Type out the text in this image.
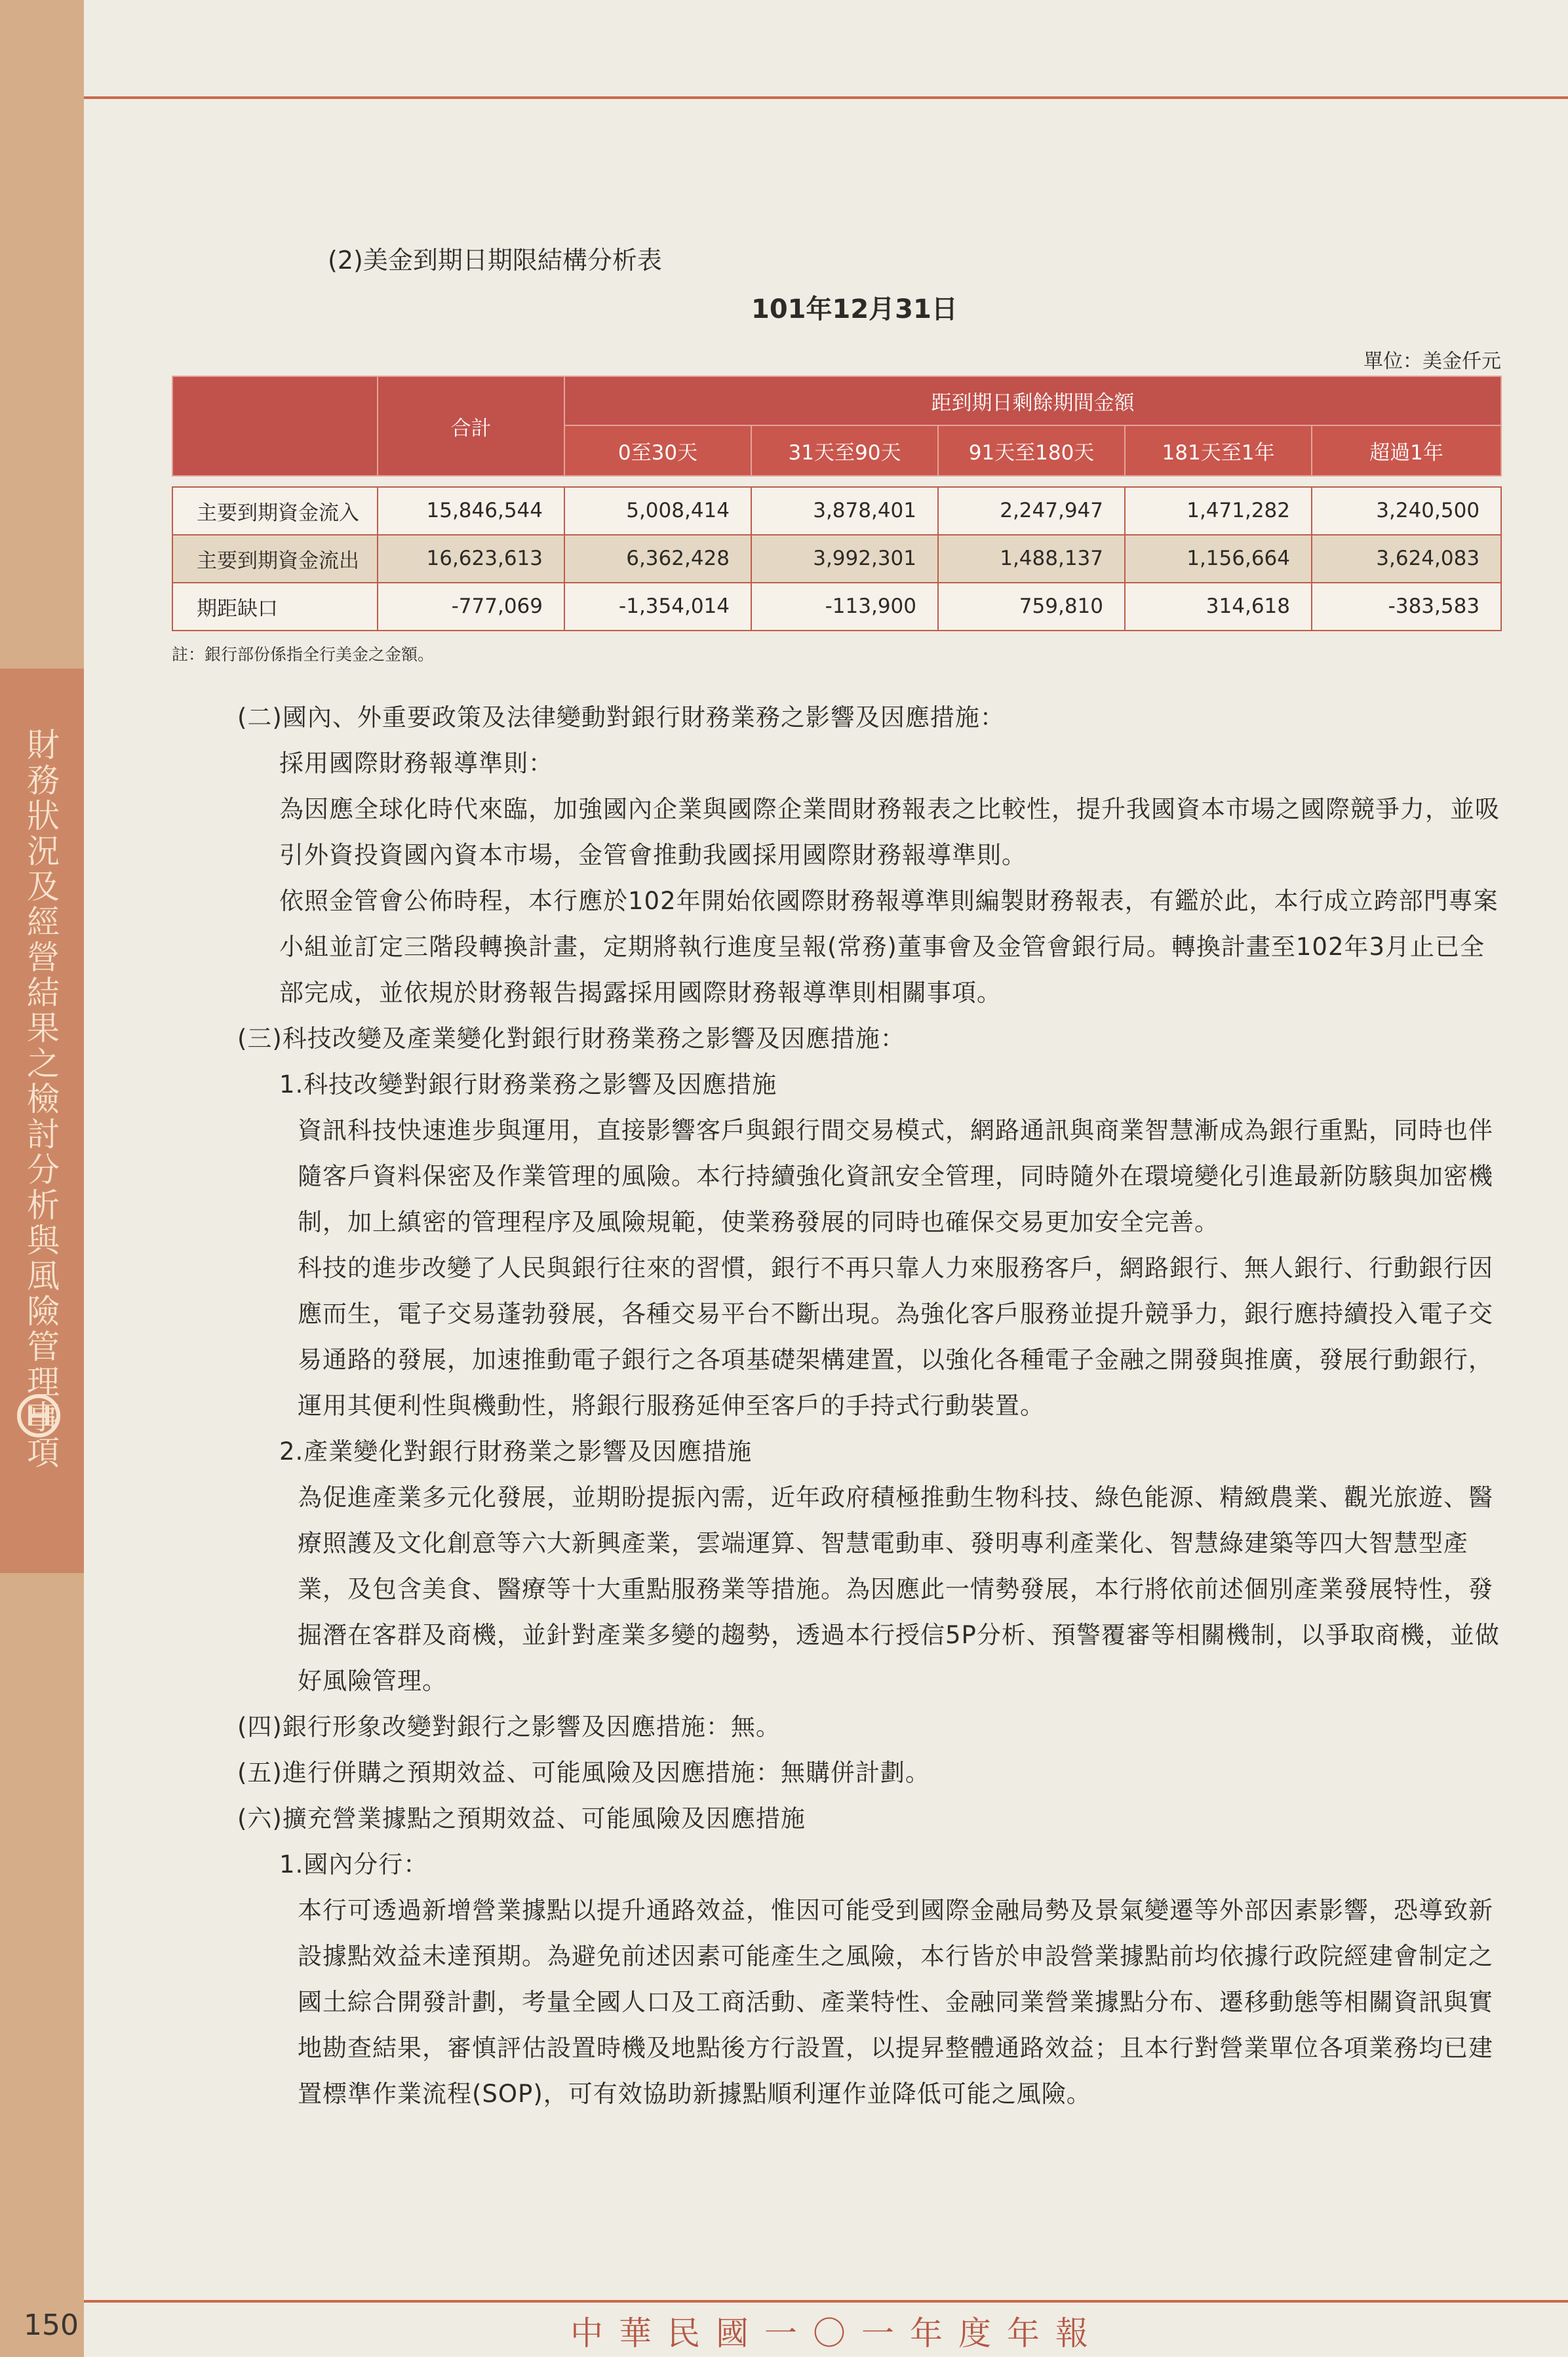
財務狀況及經營結果之檢討分析與風險管理事項
(2)美金到期日期限結構分析表
101年12月31日
單位：美金仟元
	合計	距到期日剩餘期間金額				
		0至30天	31天至90天	91天至180天	181天至1年	超過1年

主要到期資金流入	15,846,544	5,008,414	3,878,401	2,247,947	1,471,282	3,240,500
主要到期資金流出	16,623,613	6,362,428	3,992,301	1,488,137	1,156,664	3,624,083
期距缺口	-777,069	-1,354,014	-113,900	759,810	314,618	-383,583
註：銀行部份係指全行美金之金額。

(二)國內、外重要政策及法律變動對銀行財務業務之影響及因應措施：

採用國際財務報導準則：

為因應全球化時代來臨，加強國內企業與國際企業間財務報表之比較性，提升我國資本市場之國際競爭力，並吸引外資投資國內資本市場，金管會推動我國採用國際財務報導準則。

依照金管會公佈時程，本行應於102年開始依國際財務報導準則編製財務報表，有鑑於此，本行成立跨部門專案小組並訂定三階段轉換計畫，定期將執行進度呈報(常務)董事會及金管會銀行局。轉換計畫至102年3月止已全部完成，並依規於財務報告揭露採用國際財務報導準則相關事項。

(三)科技改變及產業變化對銀行財務業務之影響及因應措施：

1.科技改變對銀行財務業務之影響及因應措施

資訊科技快速進步與運用，直接影響客戶與銀行間交易模式，網路通訊與商業智慧漸成為銀行重點，同時也伴隨客戶資料保密及作業管理的風險。本行持續強化資訊安全管理，同時隨外在環境變化引進最新防駭與加密機制，加上縝密的管理程序及風險規範，使業務發展的同時也確保交易更加安全完善。

科技的進步改變了人民與銀行往來的習慣，銀行不再只靠人力來服務客戶，網路銀行、無人銀行、行動銀行因應而生，電子交易蓬勃發展，各種交易平台不斷出現。為強化客戶服務並提升競爭力，銀行應持續投入電子交易通路的發展，加速推動電子銀行之各項基礎架構建置，以強化各種電子金融之開發與推廣，發展行動銀行，運用其便利性與機動性，將銀行服務延伸至客戶的手持式行動裝置。

2.產業變化對銀行財務業之影響及因應措施

為促進產業多元化發展，並期盼提振內需，近年政府積極推動生物科技、綠色能源、精緻農業、觀光旅遊、醫療照護及文化創意等六大新興產業，雲端運算、智慧電動車、發明專利產業化、智慧綠建築等四大智慧型產業，及包含美食、醫療等十大重點服務業等措施。為因應此一情勢發展，本行將依前述個別產業發展特性，發掘潛在客群及商機，並針對產業多變的趨勢，透過本行授信5P分析、預警覆審等相關機制，以爭取商機，並做好風險管理。

(四)銀行形象改變對銀行之影響及因應措施：無。

(五)進行併購之預期效益、可能風險及因應措施：無購併計劃。

(六)擴充營業據點之預期效益、可能風險及因應措施

1.國內分行：

本行可透過新增營業據點以提升通路效益，惟因可能受到國際金融局勢及景氣變遷等外部因素影響，恐導致新設據點效益未達預期。為避免前述因素可能產生之風險，本行皆於申設營業據點前均依據行政院經建會制定之國土綜合開發計劃，考量全國人口及工商活動、產業特性、金融同業營業據點分布、遷移動態等相關資訊與實地勘查結果，審慎評估設置時機及地點後方行設置，以提昇整體通路效益；且本行對營業單位各項業務均已建置標準作業流程(SOP)，可有效協助新據點順利運作並降低可能之風險。

150	中華民國一〇一年度年報
